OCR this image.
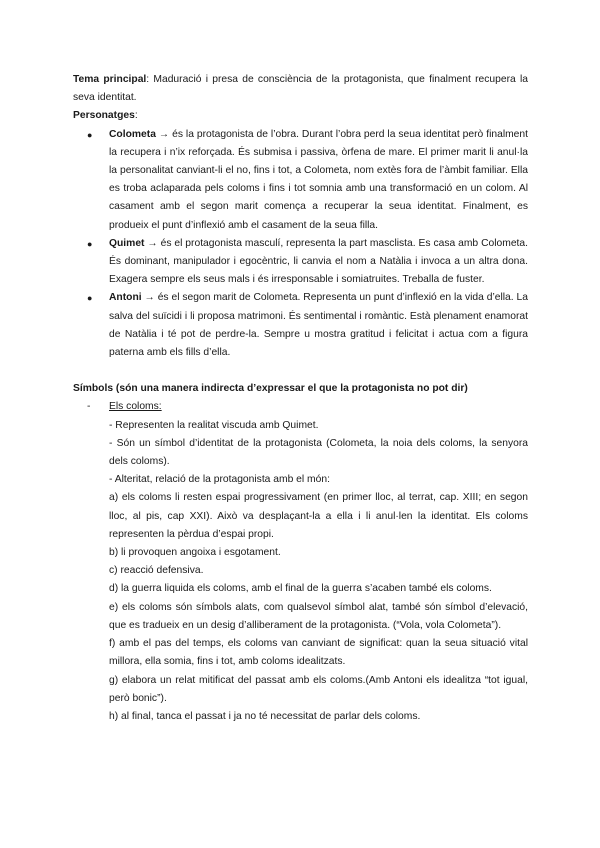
Tema principal: Maduració i presa de consciència de la protagonista, que finalment recupera la seva identitat.

Personatges:

● Colometa → és la protagonista de l’obra. Durant l’obra perd la seua identitat però finalment la recupera i n’ix reforçada. És submisa i passiva, òrfena de mare. El primer marit li anul·la la personalitat canviant-li el no, fins i tot, a Colometa, nom extès fora de l’àmbit familiar. Ella es troba aclaparada pels coloms i fins i tot somnia amb una transformació en un colom. Al casament amb el segon marit comença a recuperar la seua identitat. Finalment, es produeix el punt d’inflexió amb el casament de la seua filla.
● Quimet → és el protagonista masculí, representa la part masclista. Es casa amb Colometa. És dominant, manipulador i egocèntric, li canvia el nom a Natàlia i invoca a un altra dona. Exagera sempre els seus mals i és irresponsable i somiatruites. Treballa de fuster.
● Antoni → és el segon marit de Colometa. Representa un punt d’inflexió en la vida d’ella. La salva del suïcidi i li proposa matrimoni. És sentimental i romàntic. Està plenament enamorat de Natàlia i té pot de perdre-la. Sempre u mostra gratitud i felicitat i actua com a figura paterna amb els fills d’ella.

Símbols (són una manera indirecta d’expressar el que la protagonista no pot dir)

- Els coloms:

- Representen la realitat viscuda amb Quimet.

- Són un símbol d’identitat de la protagonista (Colometa, la noia dels coloms, la senyora dels coloms).

- Alteritat, relació de la protagonista amb el món:

a) els coloms li resten espai progressivament (en primer lloc, al terrat, cap. XIII; en segon lloc, al pis, cap XXI). Això va desplaçant-la a ella i li anul·len la identitat. Els coloms representen la pèrdua d’espai propi.

b) li provoquen angoixa i esgotament.

c) reacció defensiva.

d) la guerra liquida els coloms, amb el final de la guerra s’acaben també els coloms.

e) els coloms són símbols alats, com qualsevol símbol alat, també són símbol d’elevació, que es tradueix en un desig d’alliberament de la protagonista. (“Vola, vola Colometa”).

f) amb el pas del temps, els coloms van canviant de significat: quan la seua situació vital millora, ella somia, fins i tot, amb coloms idealitzats.

g) elabora un relat mitificat del passat amb els coloms.(Amb Antoni els idealitza “tot igual, però bonic”).

h) al final, tanca el passat i ja no té necessitat de parlar dels coloms.
